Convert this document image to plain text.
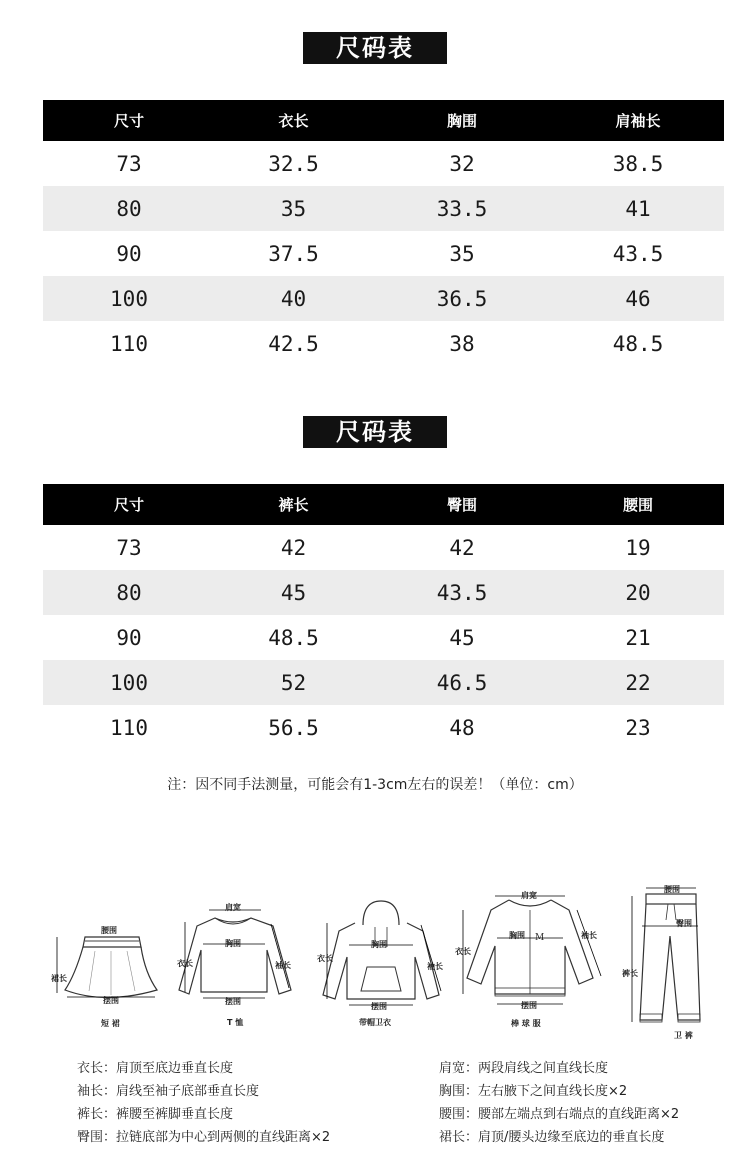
尺码表
尺寸	衣长	胸围	肩袖长
73	32.5	32	38.5
80	35	33.5	41
90	37.5	35	43.5
100	40	36.5	46
110	42.5	38	48.5
尺码表
尺寸	裤长	臀围	腰围
73	42	42	19
80	45	43.5	20
90	48.5	45	21
100	52	46.5	22
110	56.5	48	23
注：因不同手法测量，可能会有1-3cm左右的误差！（单位：cm）
腰围
裙长
摆围
短 裙
肩宽
胸围
衣长	袖长
摆围
T 恤
胸围
衣长
袖长
摆围
带帽卫衣
M
肩宽
胸围
衣长
袖长
摆围
棒 球 服
腰围
臀围
裤长
卫 裤
衣长：肩顶至底边垂直长度
袖长：肩线至袖子底部垂直长度
裤长：裤腰至裤脚垂直长度
臀围：拉链底部为中心到两侧的直线距离×2
肩宽：两段肩线之间直线长度
胸围：左右腋下之间直线长度×2
腰围：腰部左端点到右端点的直线距离×2
裙长：肩顶/腰头边缘至底边的垂直长度
